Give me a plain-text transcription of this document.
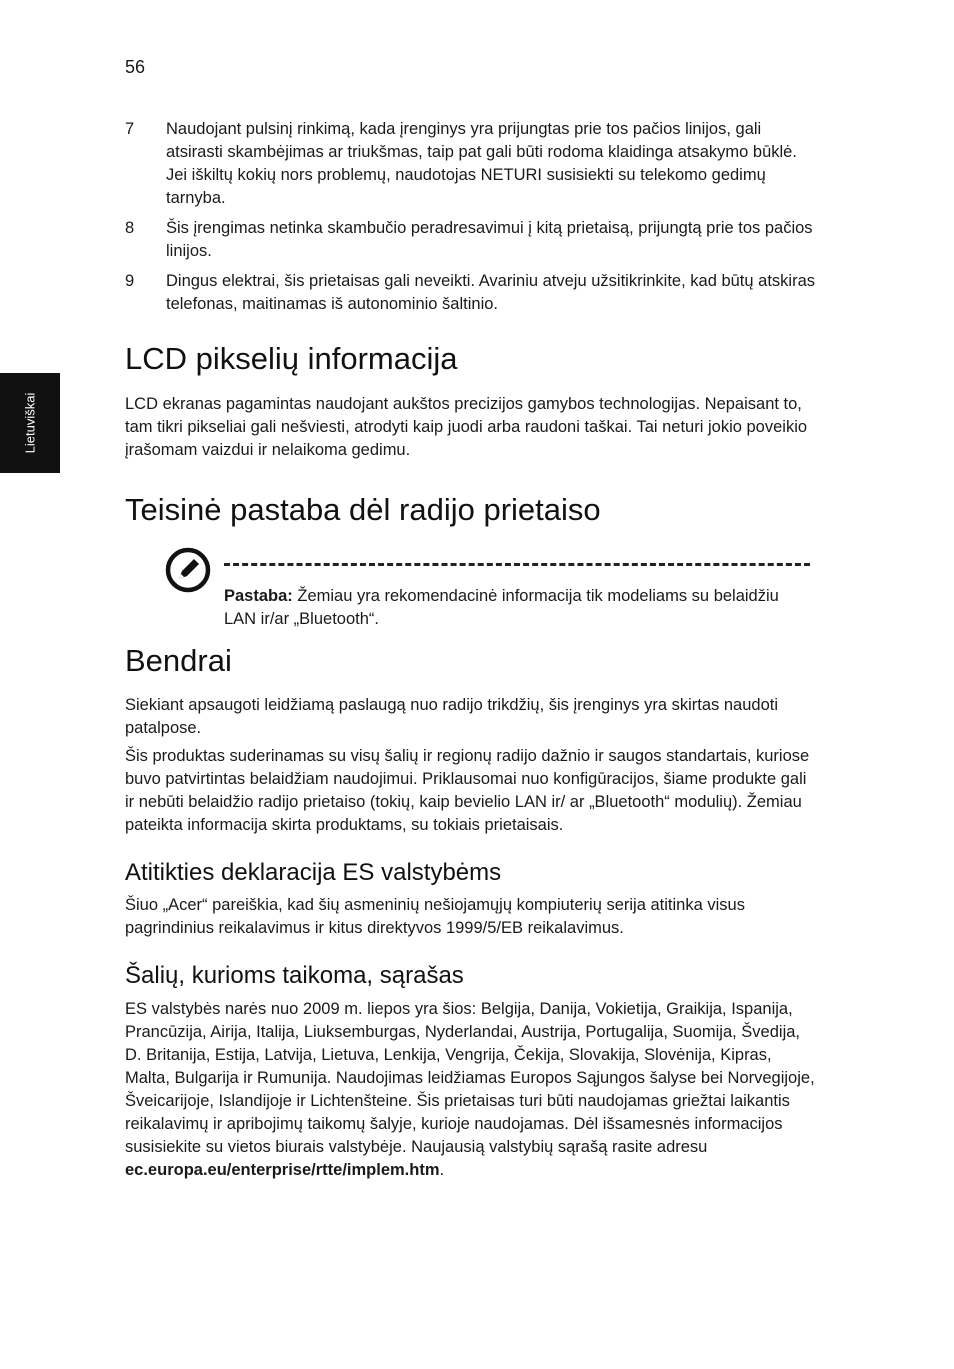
56
Lietuviškai
7	Naudojant pulsinį rinkimą, kada įrenginys yra prijungtas prie tos pačios linijos, gali atsirasti skambėjimas ar triukšmas, taip pat gali būti rodoma klaidinga atsakymo būklė. Jei iškiltų kokių nors problemų, naudotojas NETURI susisiekti su telekomo gedimų tarnyba.
8	Šis įrengimas netinka skambučio peradresavimui į kitą prietaisą, prijungtą prie tos pačios linijos.
9	Dingus elektrai, šis prietaisas gali neveikti. Avariniu atveju užsitikrinkite, kad būtų atskiras telefonas, maitinamas iš autonominio šaltinio.
LCD pikselių informacija

LCD ekranas pagamintas naudojant aukštos precizijos gamybos technologijas. Nepaisant to, tam tikri pikseliai gali nešviesti, atrodyti kaip juodi arba raudoni taškai. Tai neturi jokio poveikio įrašomam vaizdui ir nelaikoma gedimu.

Teisinė pastaba dėl radijo prietaiso

Pastaba: Žemiau yra rekomendacinė informacija tik modeliams su belaidžiu LAN ir/ar „Bluetooth“.

Bendrai

Siekiant apsaugoti leidžiamą paslaugą nuo radijo trikdžių, šis įrenginys yra skirtas naudoti patalpose.

Šis produktas suderinamas su visų šalių ir regionų radijo dažnio ir saugos standartais, kuriose buvo patvirtintas belaidžiam naudojimui. Priklausomai nuo konfigūracijos, šiame produkte gali ir nebūti belaidžio radijo prietaiso (tokių, kaip bevielio LAN ir/ ar „Bluetooth“ modulių). Žemiau pateikta informacija skirta produktams, su tokiais prietaisais.

Atitikties deklaracija ES valstybėms

Šiuo „Acer“ pareiškia, kad šių asmeninių nešiojamųjų kompiuterių serija atitinka visus pagrindinius reikalavimus ir kitus direktyvos 1999/5/EB reikalavimus.

Šalių, kurioms taikoma, sąrašas

ES valstybės narės nuo 2009 m. liepos yra šios: Belgija, Danija, Vokietija, Graikija, Ispanija, Prancūzija, Airija, Italija, Liuksemburgas, Nyderlandai, Austrija, Portugalija, Suomija, Švedija, D. Britanija, Estija, Latvija, Lietuva, Lenkija, Vengrija, Čekija, Slovakija, Slovėnija, Kipras, Malta, Bulgarija ir Rumunija. Naudojimas leidžiamas Europos Sąjungos šalyse bei Norvegijoje, Šveicarijoje, Islandijoje ir Lichtenšteine. Šis prietaisas turi būti naudojamas griežtai laikantis reikalavimų ir apribojimų taikomų šalyje, kurioje naudojamas. Dėl išsamesnės informacijos susisiekite su vietos biurais valstybėje. Naujausią valstybių sąrašą rasite adresu ec.europa.eu/enterprise/rtte/implem.htm.
